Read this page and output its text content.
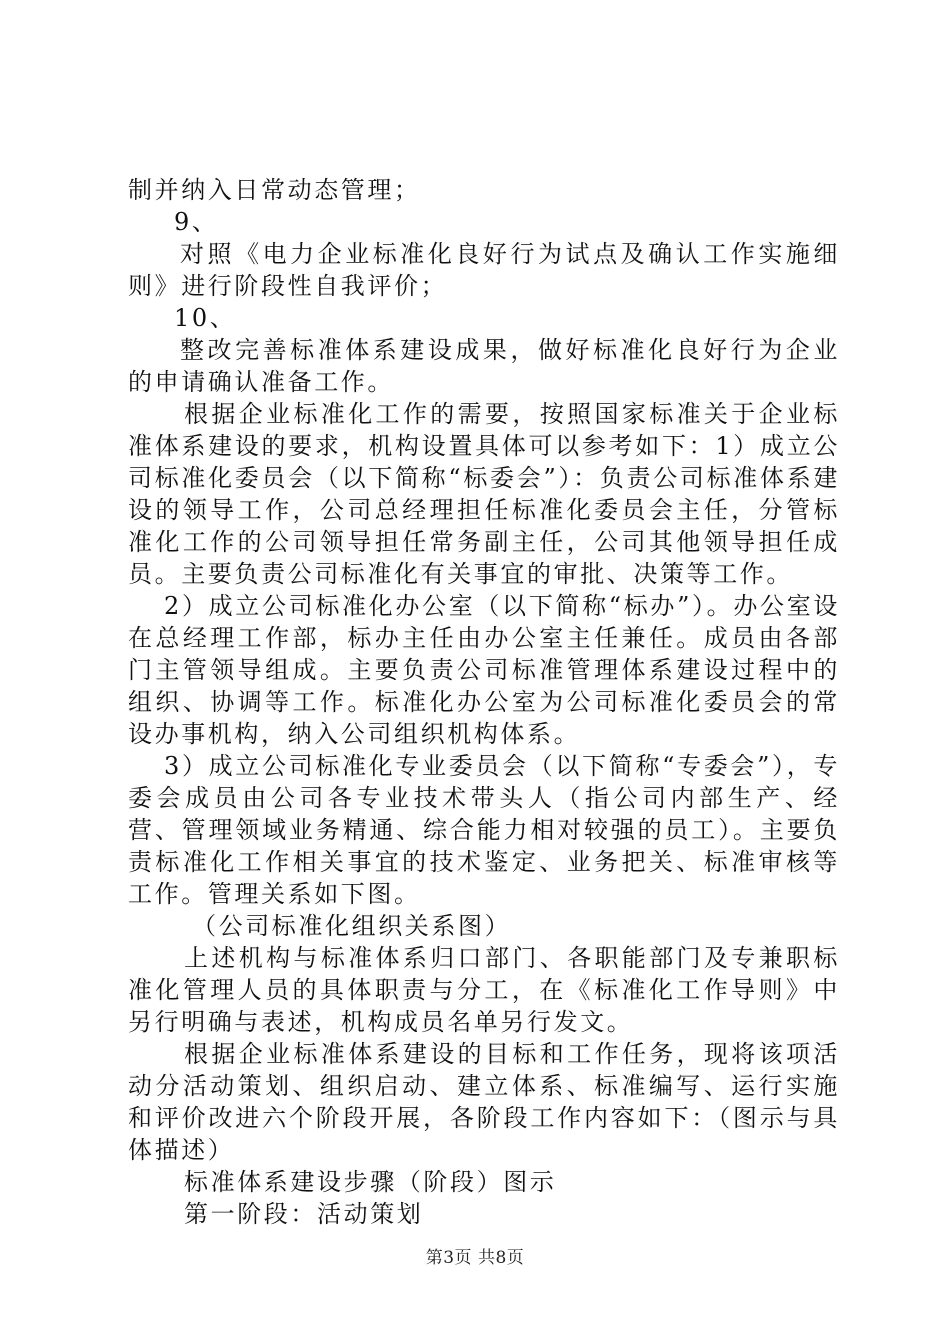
制并纳入日常动态管理；

9、

对照《电力企业标准化良好行为试点及确认工作实施细则》进行阶段性自我评价；

10、

整改完善标准体系建设成果，做好标准化良好行为企业的申请确认准备工作。

根据企业标准化工作的需要，按照国家标准关于企业标准体系建设的要求，机构设置具体可以参考如下：1）成立公司标准化委员会（以下简称“标委会”）：负责公司标准体系建设的领导工作，公司总经理担任标准化委员会主任，分管标准化工作的公司领导担任常务副主任，公司其他领导担任成员。主要负责公司标准化有关事宜的审批、决策等工作。

2）成立公司标准化办公室（以下简称“标办”）。办公室设在总经理工作部，标办主任由办公室主任兼任。成员由各部门主管领导组成。主要负责公司标准管理体系建设过程中的组织、协调等工作。标准化办公室为公司标准化委员会的常设办事机构，纳入公司组织机构体系。

3）成立公司标准化专业委员会（以下简称“专委会”），专委会成员由公司各专业技术带头人（指公司内部生产、经营、管理领域业务精通、综合能力相对较强的员工）。主要负责标准化工作相关事宜的技术鉴定、业务把关、标准审核等工作。管理关系如下图。

（公司标准化组织关系图）

上述机构与标准体系归口部门、各职能部门及专兼职标准化管理人员的具体职责与分工，在《标准化工作导则》中另行明确与表述，机构成员名单另行发文。

根据企业标准体系建设的目标和工作任务，现将该项活动分活动策划、组织启动、建立体系、标准编写、运行实施和评价改进六个阶段开展，各阶段工作内容如下：（图示与具体描述）

标准体系建设步骤（阶段）图示

第一阶段：活动策划

第3页 共8页
